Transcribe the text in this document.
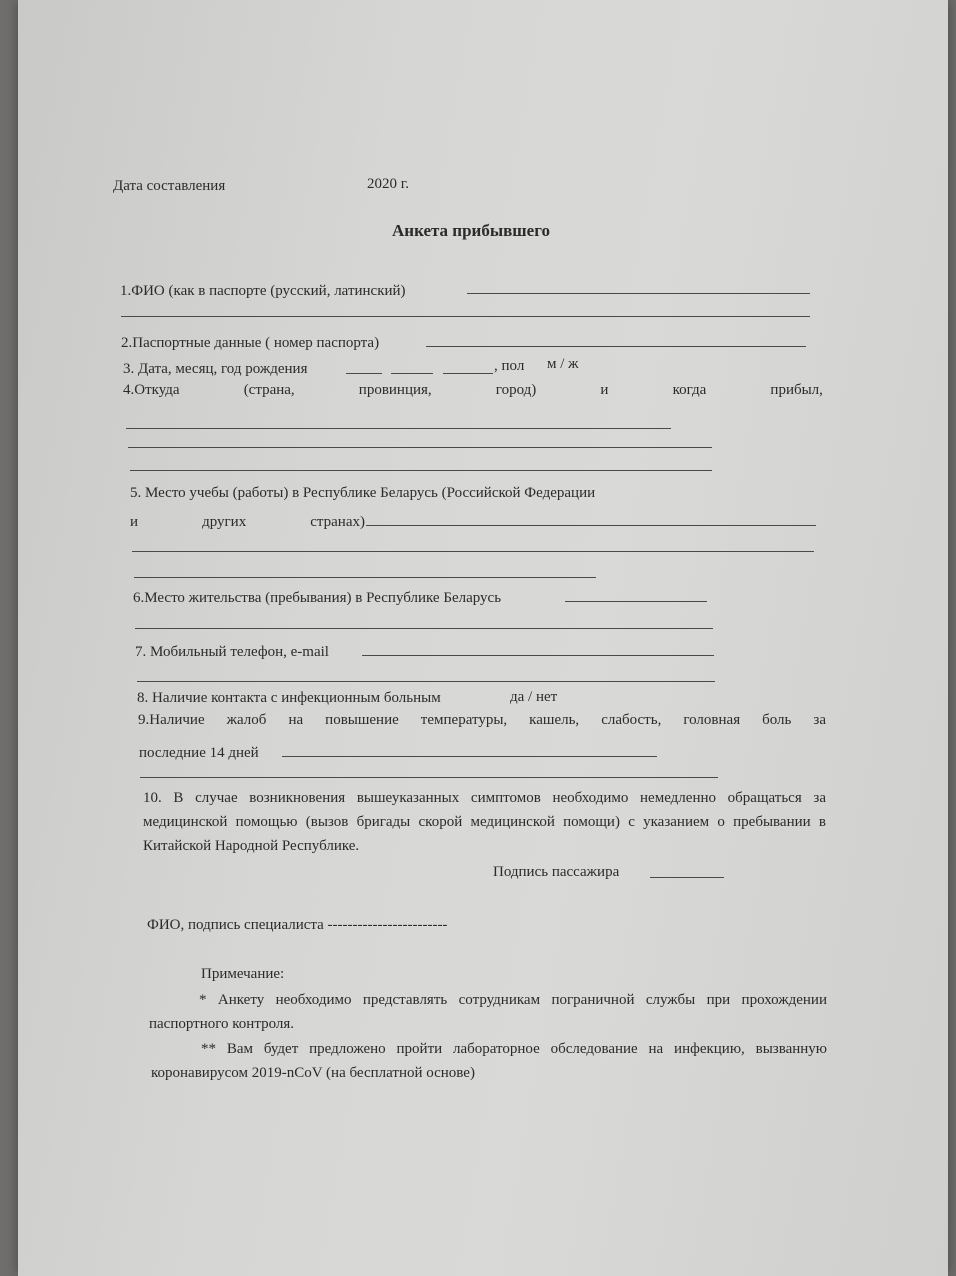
Дата составления	2020 г.
Анкета прибывшего
1.ФИО (как в паспорте (русский, латинский)
2.Паспортные данные ( номер паспорта)
3. Дата, месяц, год рождения	, пол м / ж
4.Откуда	(страна,	провинция,	город)	и	когда	прибыл,
5. Место учебы (работы) в Республике Беларусь (Российской Федерации
и	других	странах)
6.Место жительства (пребывания) в Республике Беларусь
7. Мобильный телефон, e-mail
8. Наличие контакта с инфекционным больным	да / нет
9.Наличие жалоб на повышение температуры, кашель, слабость, головная боль за
последние 14 дней
10. В случае возникновения вышеуказанных симптомов необходимо немедленно обращаться за медицинской помощью (вызов бригады скорой медицинской помощи) с указанием о пребывании в Китайской Народной Республике.
Подпись пассажира
ФИО, подпись специалиста ------------------------
Примечание:
* Анкету необходимо представлять сотрудникам пограничной службы при прохождении паспортного контроля.
** Вам будет предложено пройти лабораторное обследование на инфекцию, вызванную коронавирусом 2019-nCoV (на бесплатной основе)
